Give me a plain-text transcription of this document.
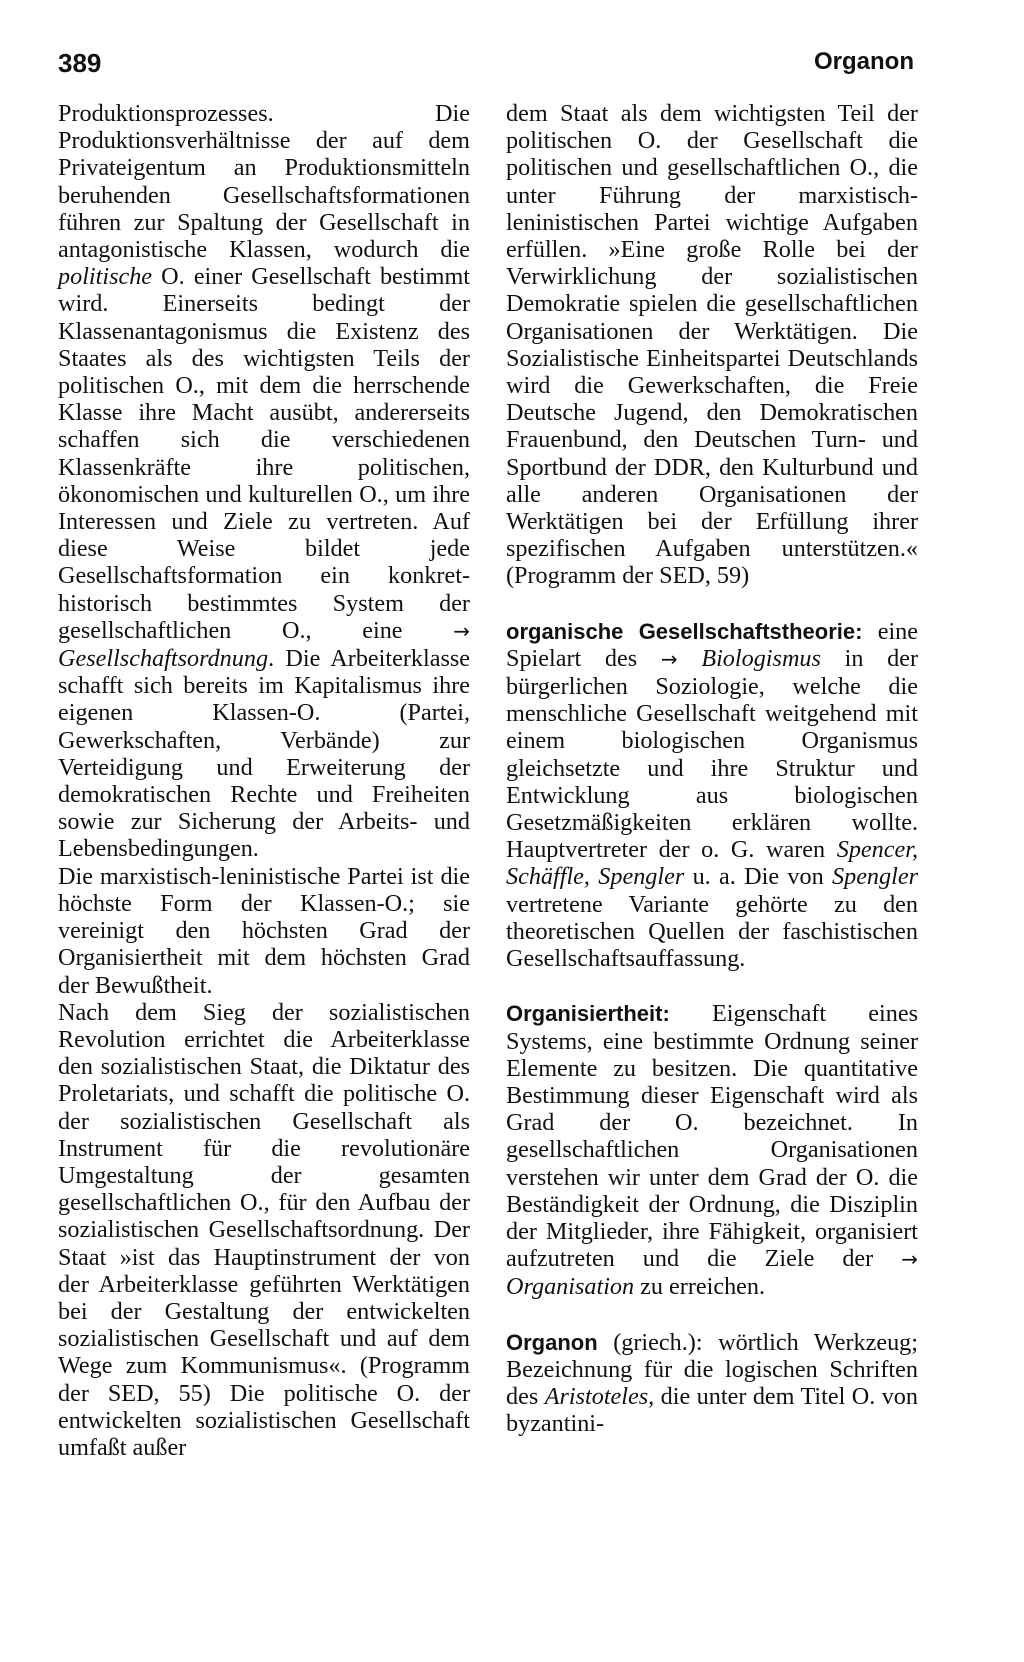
389	Organon

Produktionsprozesses. Die Produktionsverhältnisse der auf dem Privateigentum an Produktionsmitteln beruhenden Gesellschaftsformationen führen zur Spaltung der Gesellschaft in antagonistische Klassen, wodurch die politische O. einer Gesellschaft bestimmt wird. Einerseits bedingt der Klassenantagonismus die Existenz des Staates als des wichtigsten Teils der politischen O., mit dem die herrschende Klasse ihre Macht ausübt, andererseits schaffen sich die verschiedenen Klassenkräfte ihre politischen, ökonomischen und kulturellen O., um ihre Interessen und Ziele zu vertreten. Auf diese Weise bildet jede Gesellschaftsformation ein konkret-historisch bestimmtes System der gesellschaftlichen O., eine → Gesellschaftsordnung. Die Arbeiterklasse schafft sich bereits im Kapitalismus ihre eigenen Klassen-O. (Partei, Gewerkschaften, Verbände) zur Verteidigung und Erweiterung der demokratischen Rechte und Freiheiten sowie zur Sicherung der Arbeits- und Lebensbedingungen.

Die marxistisch-leninistische Partei ist die höchste Form der Klassen-O.; sie vereinigt den höchsten Grad der Organisiertheit mit dem höchsten Grad der Bewußtheit.

Nach dem Sieg der sozialistischen Revolution errichtet die Arbeiterklasse den sozialistischen Staat, die Diktatur des Proletariats, und schafft die politische O. der sozialistischen Gesellschaft als Instrument für die revolutionäre Umgestaltung der gesamten gesellschaftlichen O., für den Aufbau der sozialistischen Gesellschaftsordnung. Der Staat »ist das Hauptinstrument der von der Arbeiterklasse geführten Werktätigen bei der Gestaltung der entwickelten sozialistischen Gesellschaft und auf dem Wege zum Kommunismus«. (Programm der SED, 55) Die politische O. der entwickelten sozialistischen Gesellschaft umfaßt außer

dem Staat als dem wichtigsten Teil der politischen O. der Gesellschaft die politischen und gesellschaftlichen O., die unter Führung der marxistisch-leninistischen Partei wichtige Aufgaben erfüllen. »Eine große Rolle bei der Verwirklichung der sozialistischen Demokratie spielen die gesellschaftlichen Organisationen der Werktätigen. Die Sozialistische Einheitspartei Deutschlands wird die Gewerkschaften, die Freie Deutsche Jugend, den Demokratischen Frauenbund, den Deutschen Turn- und Sportbund der DDR, den Kulturbund und alle anderen Organisationen der Werktätigen bei der Erfüllung ihrer spezifischen Aufgaben unterstützen.« (Programm der SED, 59)

organische Gesellschaftstheorie: eine Spielart des → Biologismus in der bürgerlichen Soziologie, welche die menschliche Gesellschaft weitgehend mit einem biologischen Organismus gleichsetzte und ihre Struktur und Entwicklung aus biologischen Gesetzmäßigkeiten erklären wollte. Hauptvertreter der o. G. waren Spencer, Schäffle, Spengler u. a. Die von Spengler vertretene Variante gehörte zu den theoretischen Quellen der faschistischen Gesellschaftsauffassung.

Organisiertheit: Eigenschaft eines Systems, eine bestimmte Ordnung seiner Elemente zu besitzen. Die quantitative Bestimmung dieser Eigenschaft wird als Grad der O. bezeichnet. In gesellschaftlichen Organisationen verstehen wir unter dem Grad der O. die Beständigkeit der Ordnung, die Disziplin der Mitglieder, ihre Fähigkeit, organisiert aufzutreten und die Ziele der → Organisation zu erreichen.

Organon (griech.): wörtlich Werkzeug; Bezeichnung für die logischen Schriften des Aristoteles, die unter dem Titel O. von byzantini-
